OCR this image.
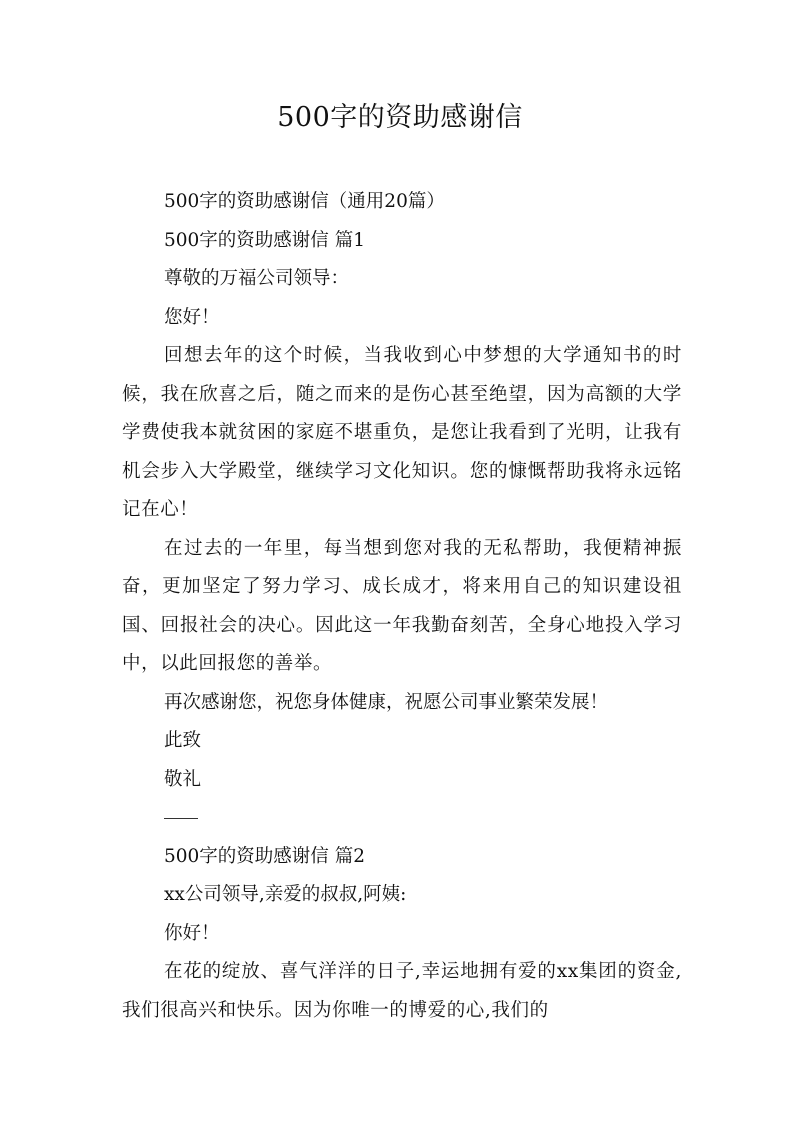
500字的资助感谢信
500字的资助感谢信（通用20篇）
500字的资助感谢信 篇1
尊敬的万福公司领导：
您好！
回想去年的这个时候，当我收到心中梦想的大学通知书的时候，我在欣喜之后，随之而来的是伤心甚至绝望，因为高额的大学学费使我本就贫困的家庭不堪重负，是您让我看到了光明，让我有机会步入大学殿堂，继续学习文化知识。您的慷慨帮助我将永远铭记在心！
在过去的一年里，每当想到您对我的无私帮助，我便精神振奋，更加坚定了努力学习、成长成才，将来用自己的知识建设祖国、回报社会的决心。因此这一年我勤奋刻苦，全身心地投入学习中，以此回报您的善举。
再次感谢您，祝您身体健康，祝愿公司事业繁荣发展！
此致
敬礼
500字的资助感谢信 篇2
xx公司领导,亲爱的叔叔,阿姨:
你好！
在花的绽放、喜气洋洋的日子,幸运地拥有爱的xx集团的资金,我们很高兴和快乐。因为你唯一的博爱的心,我们的
